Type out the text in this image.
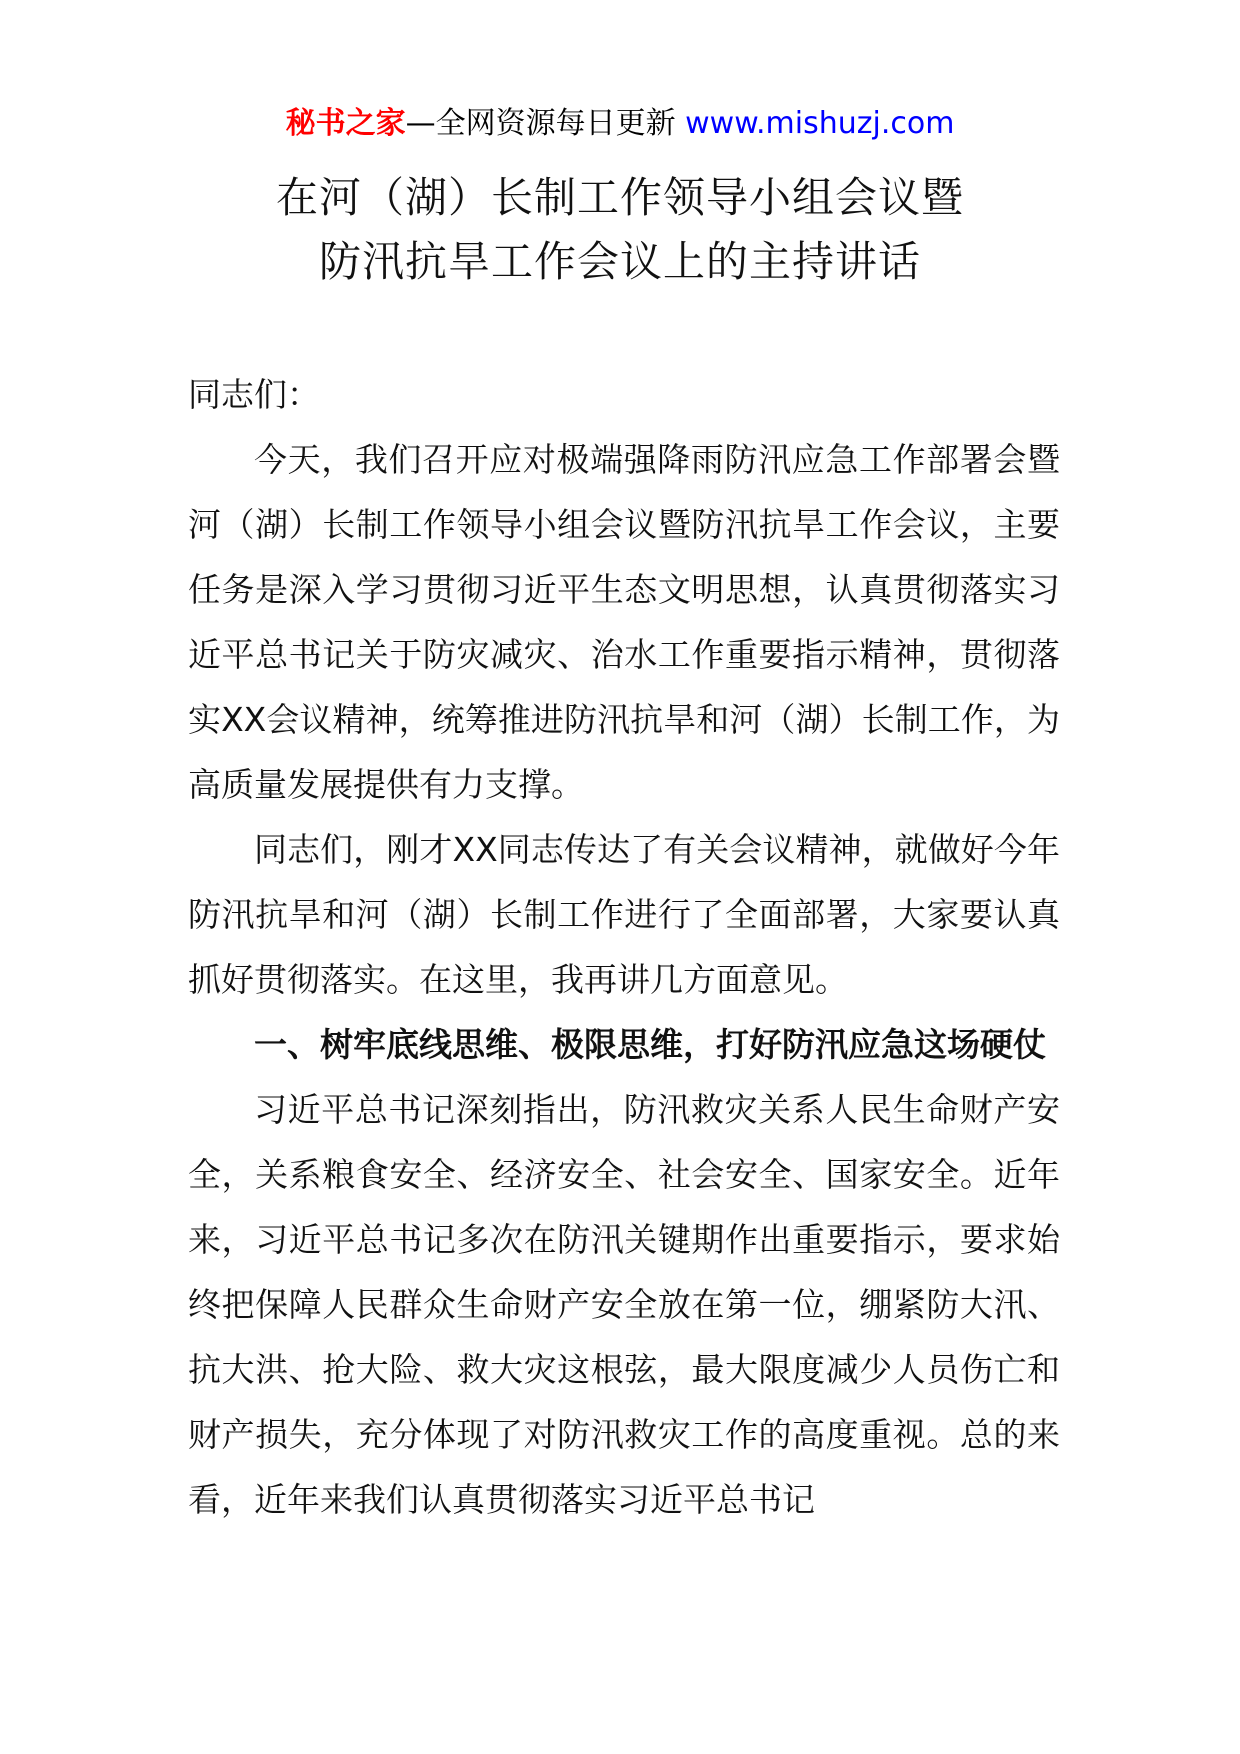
秘书之家—全网资源每日更新 www.mishuzj.com
在河（湖）长制工作领导小组会议暨
防汛抗旱工作会议上的主持讲话

同志们：

今天，我们召开应对极端强降雨防汛应急工作部署会暨河（湖）长制工作领导小组会议暨防汛抗旱工作会议，主要任务是深入学习贯彻习近平生态文明思想，认真贯彻落实习近平总书记关于防灾减灾、治水工作重要指示精神，贯彻落实XX会议精神，统筹推进防汛抗旱和河（湖）长制工作，为高质量发展提供有力支撑。

同志们，刚才XX同志传达了有关会议精神，就做好今年防汛抗旱和河（湖）长制工作进行了全面部署，大家要认真抓好贯彻落实。在这里，我再讲几方面意见。

一、树牢底线思维、极限思维，打好防汛应急这场硬仗

习近平总书记深刻指出，防汛救灾关系人民生命财产安全，关系粮食安全、经济安全、社会安全、国家安全。近年来，习近平总书记多次在防汛关键期作出重要指示，要求始终把保障人民群众生命财产安全放在第一位，绷紧防大汛、抗大洪、抢大险、救大灾这根弦，最大限度减少人员伤亡和财产损失，充分体现了对防汛救灾工作的高度重视。总的来看，近年来我们认真贯彻落实习近平总书记
